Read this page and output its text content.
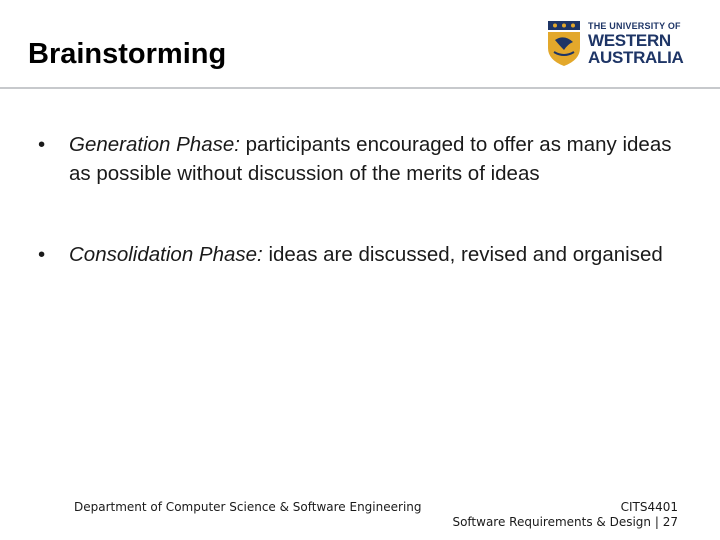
Brainstorming
THE UNIVERSITY OF
WESTERN
AUSTRALIA
• Generation Phase: participants encouraged to offer as many ideas as possible without discussion of the merits of ideas
• Consolidation Phase: ideas are discussed, revised and organised
Department of Computer Science & Software Engineering	CITS4401
Software Requirements & Design | 27
